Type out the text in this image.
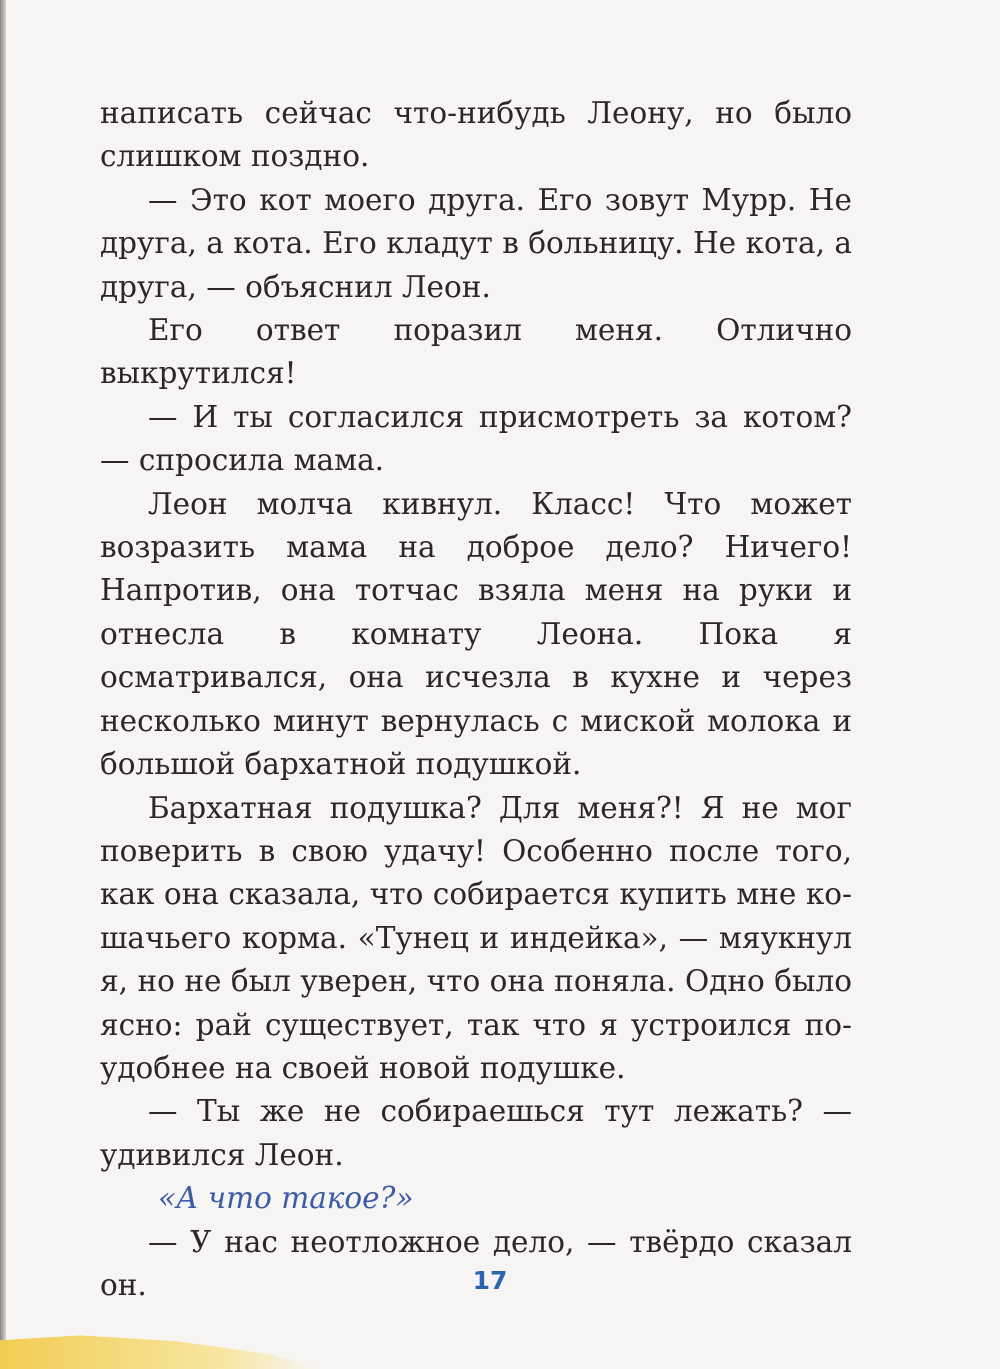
написать сейчас что-нибудь Леону, но было слишком поздно.

— Это кот моего друга. Его зовут Мурр. Не друга, а кота. Его кладут в больницу. Не кота, а друга, — объяснил Леон.

Его ответ поразил меня. Отлично выкрутился!

— И ты согласился присмотреть за котом? — спросила мама.

Леон молча кивнул. Класс! Что может возразить мама на доброе дело? Ничего! Напротив, она тотчас взяла меня на руки и отнесла в комнату Леона. Пока я осматривался, она исчезла в кухне и через несколько минут вернулась с миской молока и большой бархатной подушкой.

Бархатная подушка? Для меня?! Я не мог поверить в свою удачу! Особенно после того, как она сказала, что собирается купить мне кошачьего корма. «Тунец и индейка», — мяукнул я, но не был уверен, что она поняла. Одно было ясно: рай существует, так что я устроился поудобнее на своей новой подушке.

— Ты же не собираешься тут лежать? — удивился Леон.

«А что такое?»

— У нас неотложное дело, — твёрдо сказал он.	17
